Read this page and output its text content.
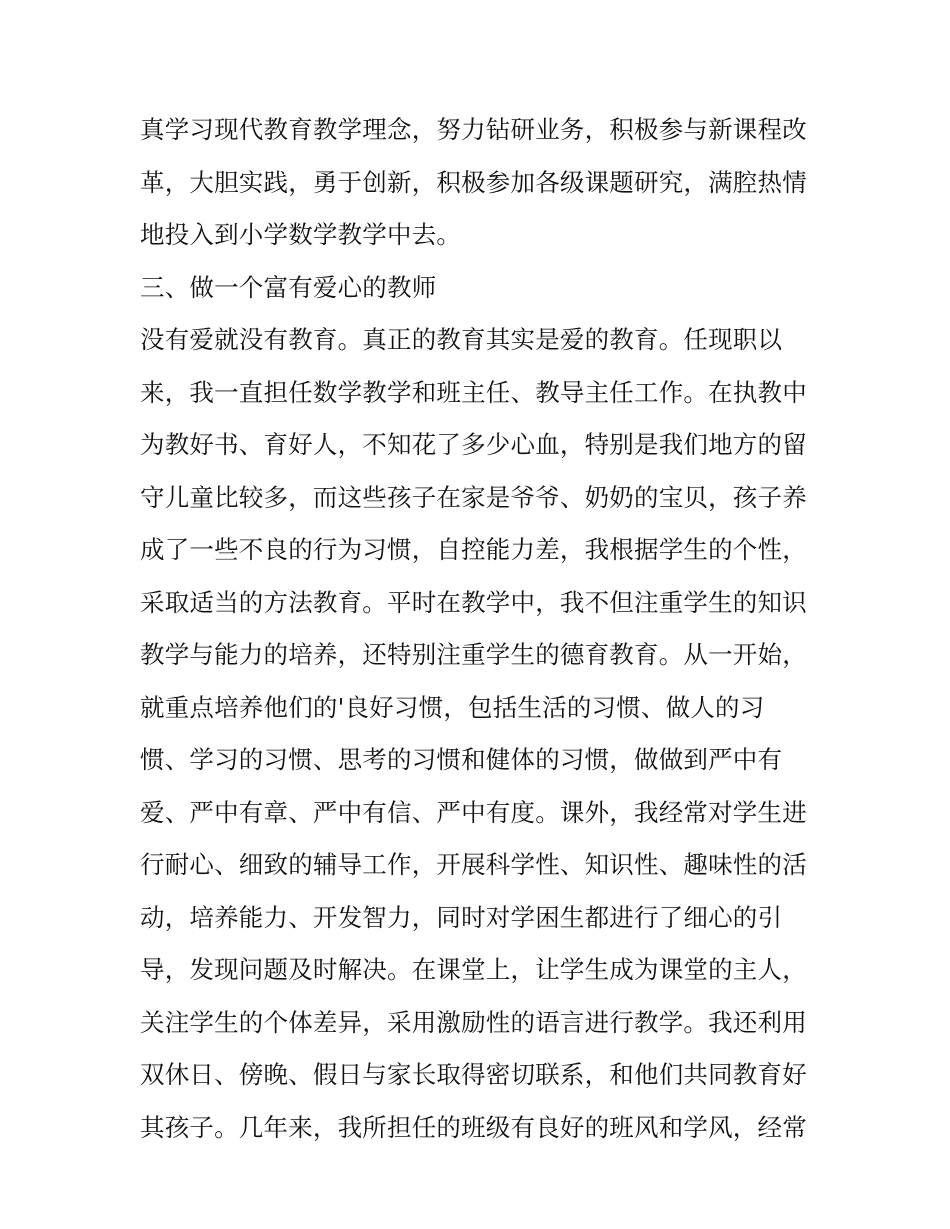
真学习现代教育教学理念，努力钻研业务，积极参与新课程改
革，大胆实践，勇于创新，积极参加各级课题研究，满腔热情
地投入到小学数学教学中去。
三、做一个富有爱心的教师
没有爱就没有教育。真正的教育其实是爱的教育。任现职以
来，我一直担任数学教学和班主任、教导主任工作。在执教中
为教好书、育好人，不知花了多少心血，特别是我们地方的留
守儿童比较多，而这些孩子在家是爷爷、奶奶的宝贝，孩子养
成了一些不良的行为习惯，自控能力差，我根据学生的个性，
采取适当的方法教育。平时在教学中，我不但注重学生的知识
教学与能力的培养，还特别注重学生的德育教育。从一开始，
就重点培养他们的'良好习惯，包括生活的习惯、做人的习
惯、学习的习惯、思考的习惯和健体的习惯，做做到严中有
爱、严中有章、严中有信、严中有度。课外，我经常对学生进
行耐心、细致的辅导工作，开展科学性、知识性、趣味性的活
动，培养能力、开发智力，同时对学困生都进行了细心的引
导，发现问题及时解决。在课堂上，让学生成为课堂的主人，
关注学生的个体差异，采用激励性的语言进行教学。我还利用
双休日、傍晚、假日与家长取得密切联系，和他们共同教育好
其孩子。几年来，我所担任的班级有良好的班风和学风，经常
